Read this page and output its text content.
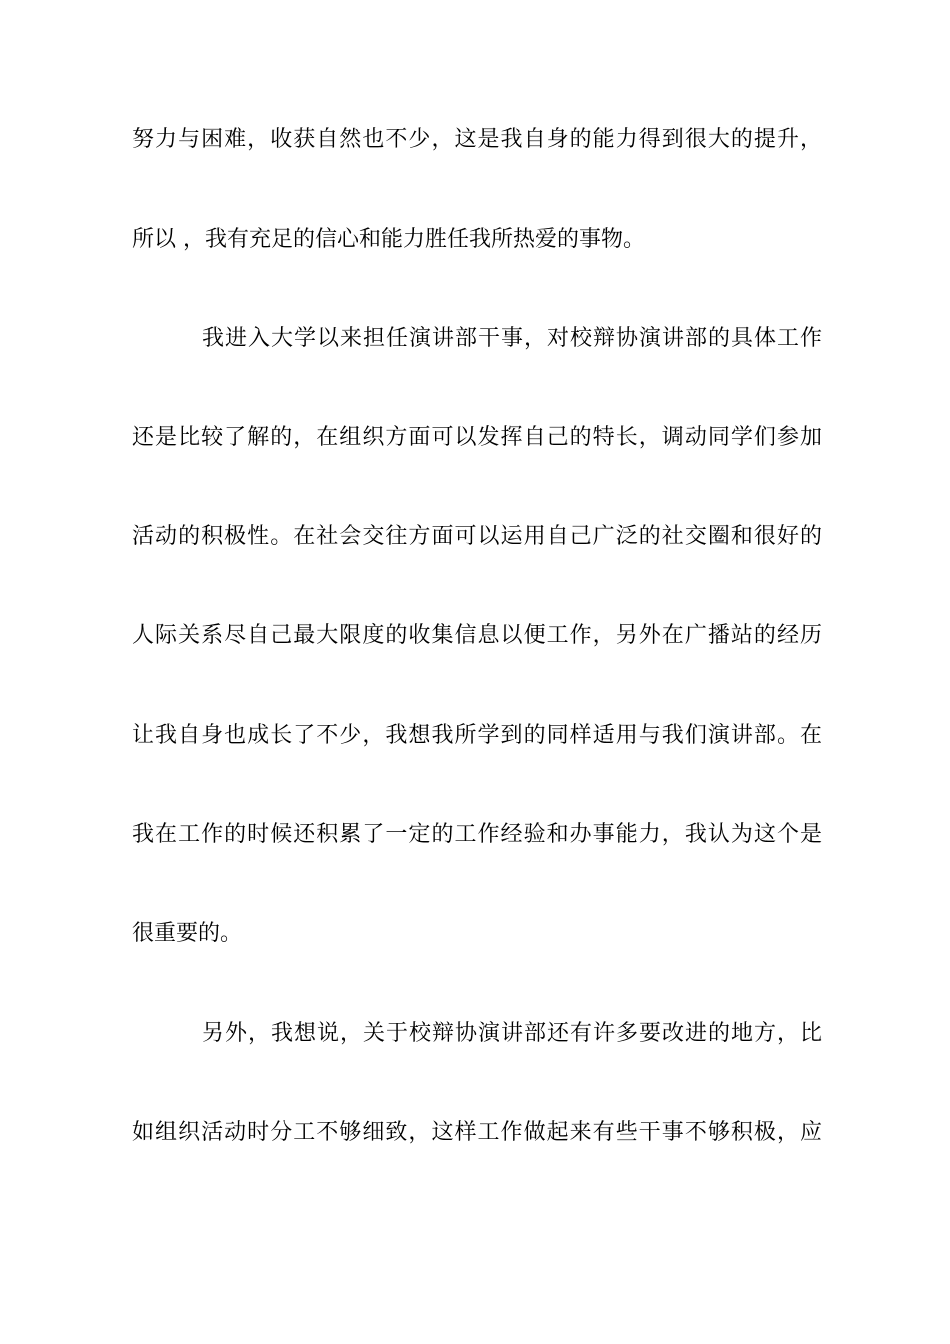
努力与困难，收获自然也不少，这是我自身的能力得到很大的提升，
所以 ，我有充足的信心和能力胜任我所热爱的事物。
我进入大学以来担任演讲部干事，对校辩协演讲部的具体工作
还是比较了解的，在组织方面可以发挥自己的特长，调动同学们参加
活动的积极性。在社会交往方面可以运用自己广泛的社交圈和很好的
人际关系尽自己最大限度的收集信息以便工作，另外在广播站的经历
让我自身也成长了不少，我想我所学到的同样适用与我们演讲部。在
我在工作的时候还积累了一定的工作经验和办事能力，我认为这个是
很重要的。
另外，我想说，关于校辩协演讲部还有许多要改进的地方，比
如组织活动时分工不够细致，这样工作做起来有些干事不够积极，应
